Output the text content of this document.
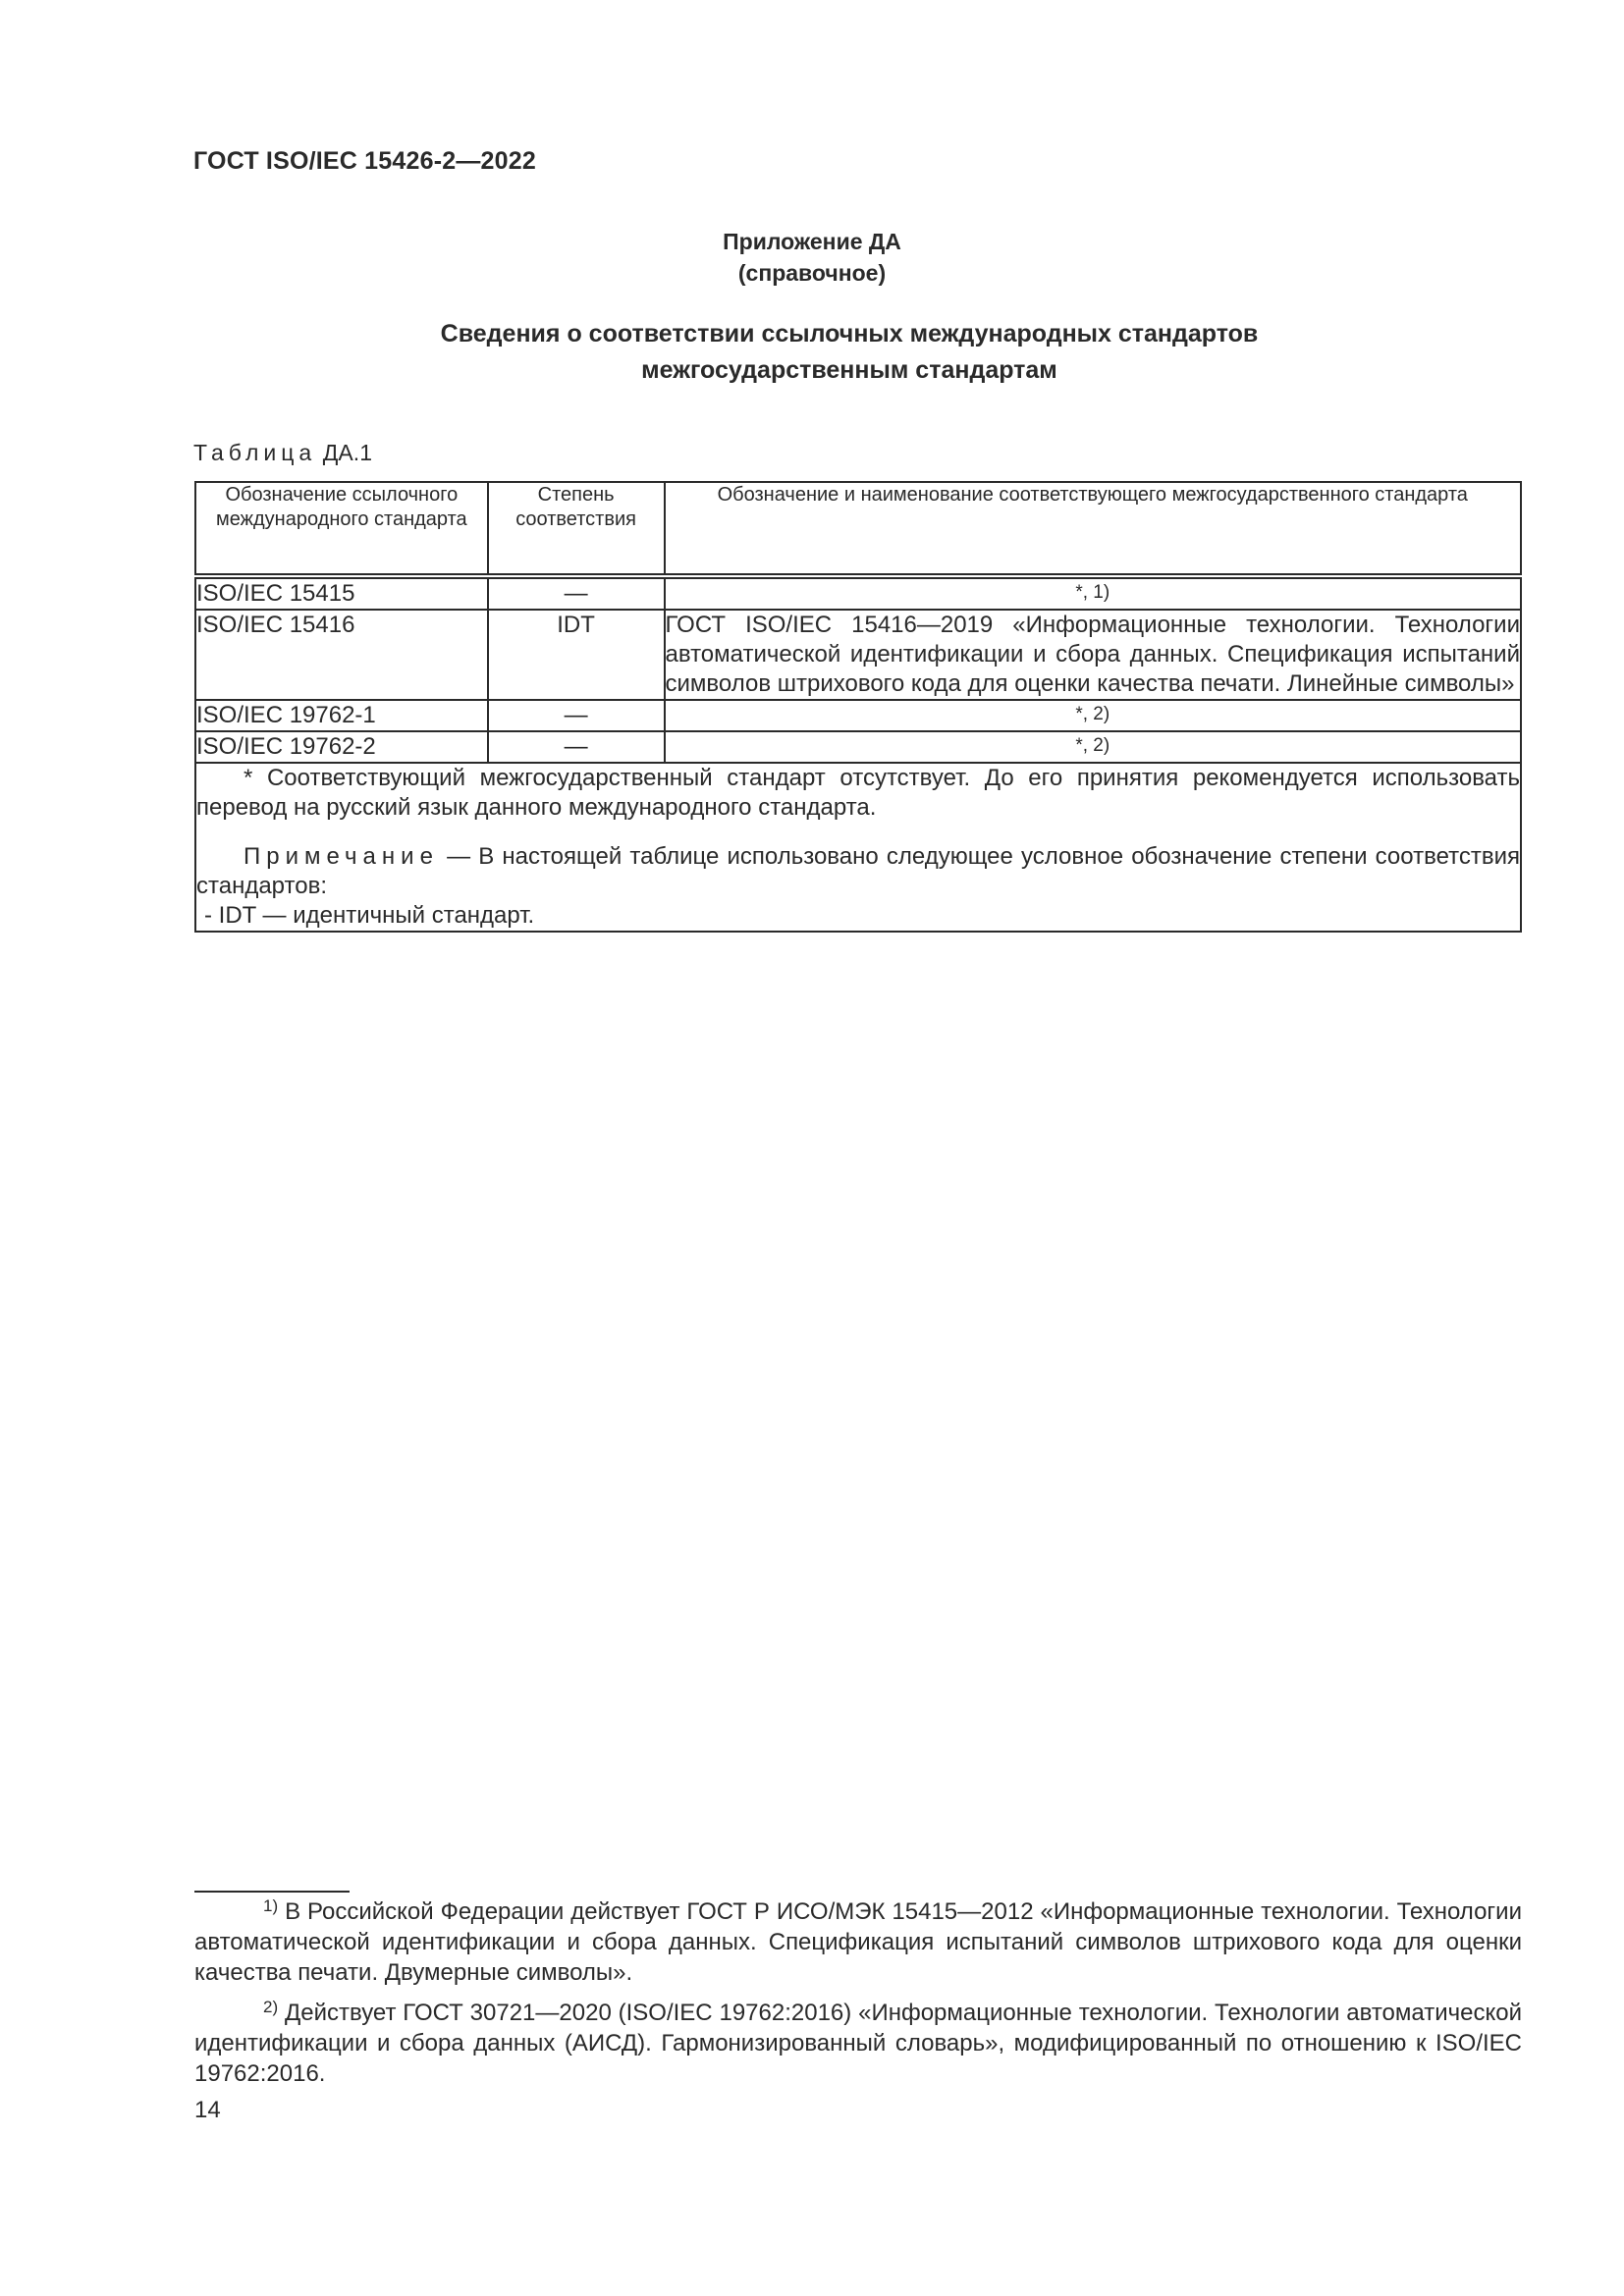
ГОСТ ISO/IEC 15426-2—2022
Приложение ДА
(справочное)
Сведения о соответствии ссылочных международных стандартов
межгосударственным стандартам
Таблица ДА.1
Обозначение ссылочного международного стандарта	Степень соответствия	Обозначение и наименование соответствующего межгосударственного стандарта
ISO/IEC 15415	—	*, 1)
ISO/IEC 15416	IDT	ГОСТ ISO/IEC 15416—2019 «Информационные технологии. Технологии автоматической идентификации и сбора данных. Спецификация испытаний символов штрихового кода для оценки качества печати. Линейные символы»
ISO/IEC 19762-1	—	*, 2)
ISO/IEC 19762-2	—	*, 2)

* Соответствующий межгосударственный стандарт отсутствует. До его принятия рекомендуется использовать перевод на русский язык данного международного стандарта.

Примечание — В настоящей таблице использовано следующее условное обозначение степени соответствия стандартов:

- IDT — идентичный стандарт.		

$^{1)}$ В Российской Федерации действует ГОСТ Р ИСО/МЭК 15415—2012 «Информационные технологии. Технологии автоматической идентификации и сбора данных. Спецификация испытаний символов штрихового кода для оценки качества печати. Двумерные символы».
$^{2)}$ Действует ГОСТ 30721—2020 (ISO/IEC 19762:2016) «Информационные технологии. Технологии автоматической идентификации и сбора данных (АИСД). Гармонизированный словарь», модифицированный по отношению к ISO/IEC 19762:2016.
14
